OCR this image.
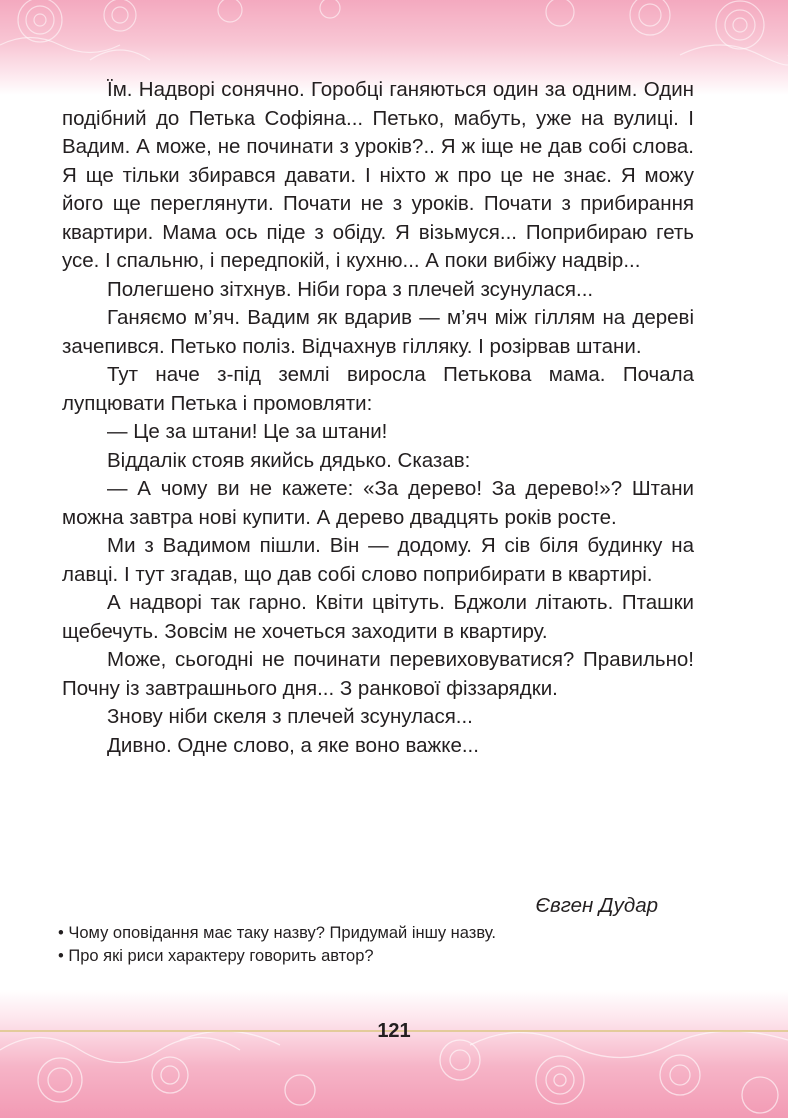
Їм. Надворі сонячно. Горобці ганяються один за одним. Один подібний до Петька Софіяна... Петько, мабуть, уже на вулиці. І Вадим. А може, не починати з уроків?.. Я ж іще не дав собі слова. Я ще тільки збирався давати. І ніхто ж про це не знає. Я можу його ще переглянути. Почати не з уроків. Почати з прибирання квартири. Мама ось піде з обіду. Я візьмуся... Поприбираю геть усе. І спальню, і передпокій, і кухню... А поки вибіжу надвір...

Полегшено зітхнув. Ніби гора з плечей зсунулася...

Ганяємо м’яч. Вадим як вдарив — м’яч між гіллям на дереві зачепився. Петько поліз. Відчахнув гілляку. І розірвав штани.

Тут наче з-під землі виросла Петькова мама. Почала лупцювати Петька і промовляти:

— Це за штани! Це за штани!

Віддалік стояв якийсь дядько. Сказав:

— А чому ви не кажете: «За дерево! За дерево!»? Штани можна завтра нові купити. А дерево двадцять років росте.

Ми з Вадимом пішли. Він — додому. Я сів біля будинку на лавці. І тут згадав, що дав собі слово поприбирати в квартирі.

А надворі так гарно. Квіти цвітуть. Бджоли літають. Пташки щебечуть. Зовсім не хочеться заходити в квартиру.

Може, сьогодні не починати перевиховуватися? Правильно! Почну із завтрашнього дня... З ранкової фіззарядки.

Знову ніби скеля з плечей зсунулася...

Дивно. Одне слово, а яке воно важке...

Євген Дудар
• Чому оповідання має таку назву? Придумай іншу назву.
• Про які риси характеру говорить автор?
121
